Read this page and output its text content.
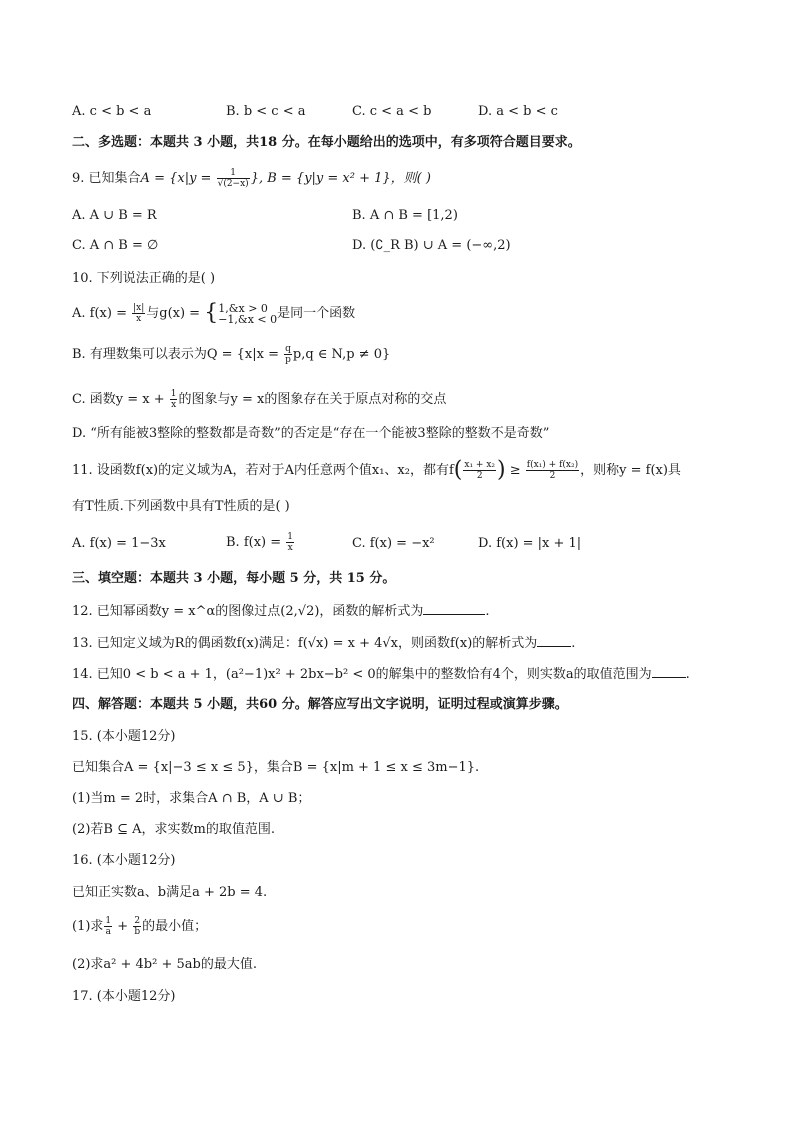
A. c < b < a	B. b < c < a	C. c < a < b	D. a < b < c
二、多选题：本题共 3 小题，共18 分。在每小题给出的选项中，有多项符合题目要求。
9. 已知集合$A = \{x|y = \frac{1}{√(2-x)}$ }, B = {y|y = x² + 1}，则( )
A. A ∪ B = R	B. A ∩ B = [1,2)
C. A ∩ B = ∅	D. (∁_R B) ∪ A = (−∞,2)
10. 下列说法正确的是( )
A. $f(x) = \frac{|x|}{x}$ 与g(x) = {1,&x > 0
−1,&x < 0是同一个函数
B. 有理数集可以表示为$Q = \{x|x = \frac{q}{p} p,q$ ∈ N,p ≠ 0}
C. 函数$y = x + \frac{1}{x}$ 的图象与y = x的图象存在关于原点对称的交点
D. “所有能被3整除的整数都是奇数”的否定是“存在一个能被3整除的整数不是奇数”
11. 设函数f(x)的定义域为A，若对于A内任意两个值x₁、x₂，都有$f( \frac{\text{x₁ + x₂}}{2}$ ) ≥ $\frac{\text{f(x₁) + f(x₂)}}{2}$ ，则称y = f(x)具
有T性质.下列函数中具有T性质的是( )
A. f(x) = 1−3x	B. $f(x) = \frac{1}{x}$	C. f(x) = −x²	D. f(x) = |x + 1|
三、填空题：本题共 3 小题，每小题 5 分，共 15 分。
12. 已知幂函数y = x^α的图像过点(2,√2)，函数的解析式为	.
13. 已知定义域为R的偶函数f(x)满足：f(√x) = x + 4√x，则函数f(x)的解析式为	.
14. 已知0 < b < a + 1，(a²−1)x² + 2bx−b² < 0的解集中的整数恰有4个，则实数a的取值范围为	.
四、解答题：本题共 5 小题，共60 分。解答应写出文字说明，证明过程或演算步骤。
15. (本小题12分)
已知集合A = {x|−3 ≤ x ≤ 5}，集合B = {x|m + 1 ≤ x ≤ 3m−1}.
(1)当m = 2时，求集合A ∩ B，A ∪ B；
(2)若B ⊆ A，求实数m的取值范围.
16. (本小题12分)
已知正实数a、b满足a + 2b = 4.
(1)求 $\frac{1}{a} + \frac{2}{b}$ 的最小值；
(2)求a² + 4b² + 5ab的最大值.
17. (本小题12分)
